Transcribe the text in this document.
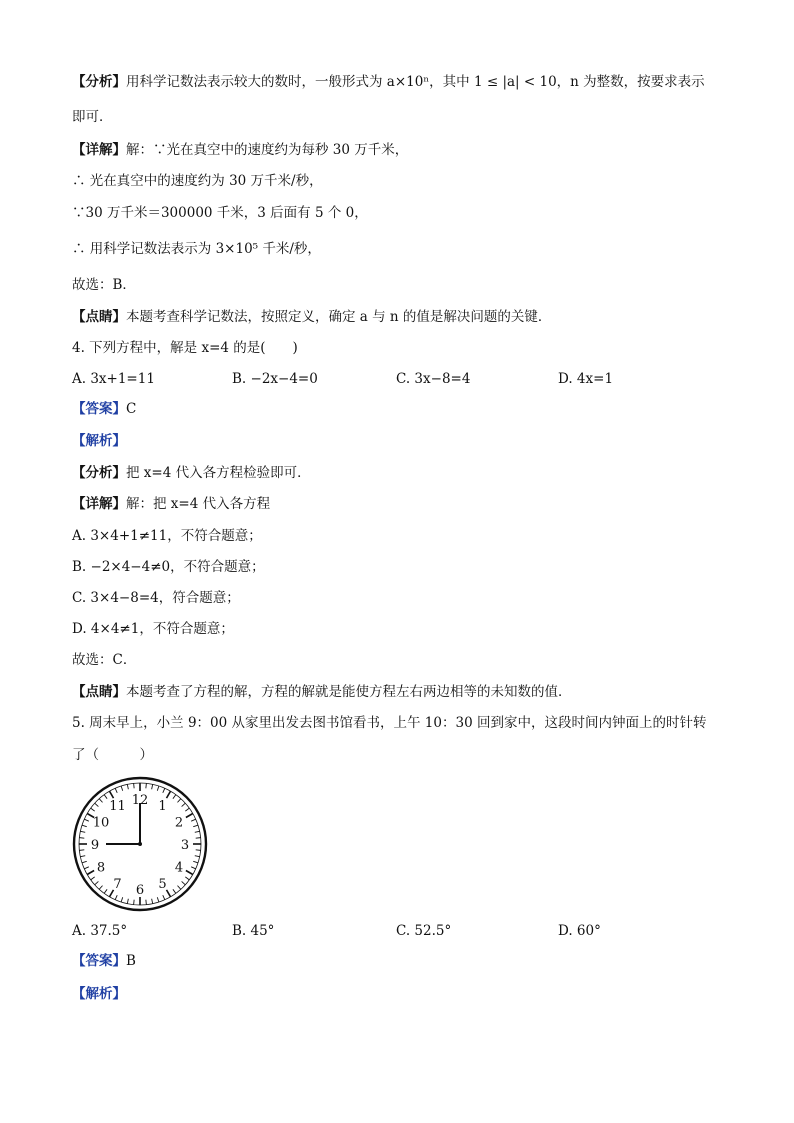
【分析】用科学记数法表示较大的数时，一般形式为 a×10ⁿ，其中 1 ≤ |a| < 10，n 为整数，按要求表示
即可．
【详解】解：∵光在真空中的速度约为每秒 30 万千米，
∴ 光在真空中的速度约为 30 万千米/秒，
∵30 万千米＝300000 千米，3 后面有 5 个 0，
∴ 用科学记数法表示为 3×10⁵ 千米/秒，
故选：B．
【点睛】本题考查科学记数法，按照定义，确定 a 与 n 的值是解决问题的关键．
4. 下列方程中，解是 x=4 的是(　　)
A. 3x+1=11	B. −2x−4=0	C. 3x−8=4	D. 4x=1
【答案】C
【解析】
【分析】把 x=4 代入各方程检验即可．
【详解】解：把 x=4 代入各方程
A. 3×4+1≠11，不符合题意；
B. −2×4−4≠0，不符合题意；
C. 3×4−8=4，符合题意；
D. 4×4≠1，不符合题意；
故选：C．
【点睛】本题考查了方程的解，方程的解就是能使方程左右两边相等的未知数的值．
5. 周末早上，小兰 9：00 从家里出发去图书馆看书，上午 10：30 回到家中，这段时间内钟面上的时针转
了（　　　）
12 1
2
3
4
5
6
7
8
9
10
11
A. 37.5°	B. 45°	C. 52.5°	D. 60°
【答案】B
【解析】
